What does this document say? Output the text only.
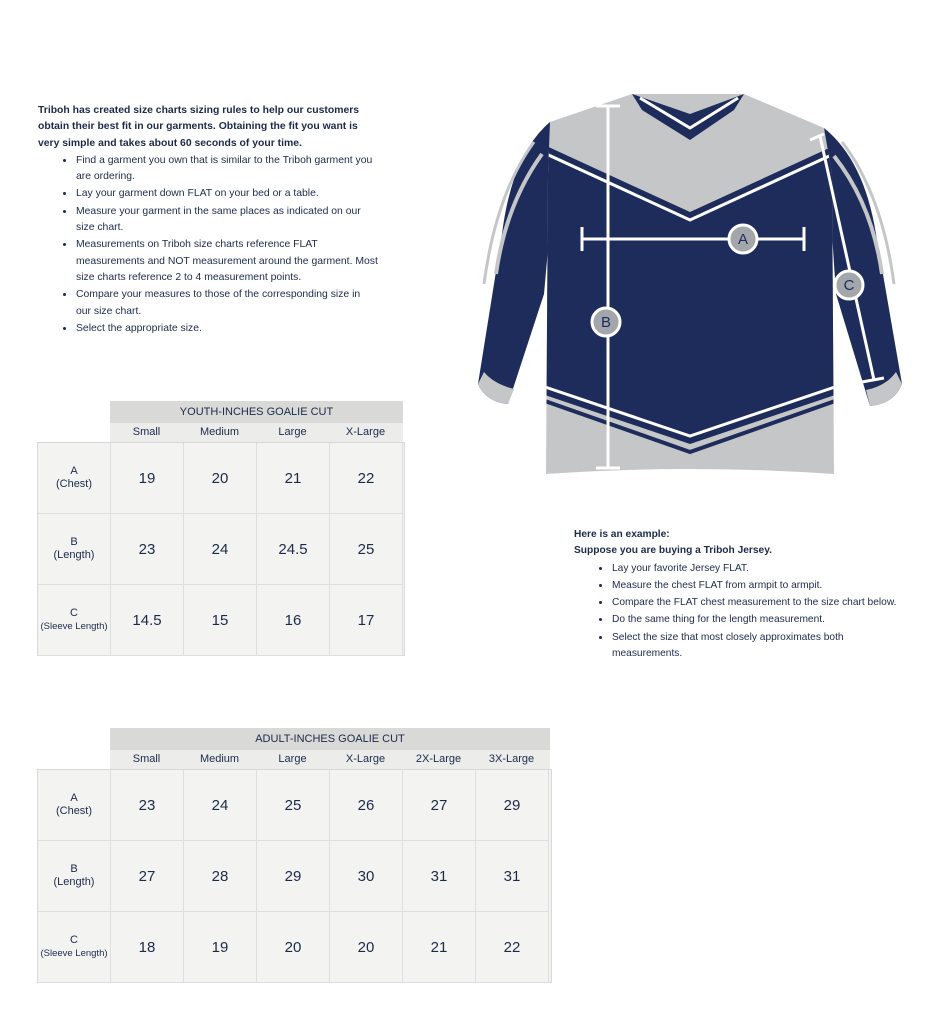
Triboh has created size charts sizing rules to help our customers obtain their best fit in our garments. Obtaining the fit you want is very simple and takes about 60 seconds of your time.

• Find a garment you own that is similar to the Triboh garment you are ordering.
• Lay your garment down FLAT on your bed or a table.
• Measure your garment in the same places as indicated on our size chart.
• Measurements on Triboh size charts reference FLAT measurements and NOT measurement around the garment. Most size charts reference 2 to 4 measurement points.
• Compare your measures to those of the corresponding size in our size chart.
• Select the appropriate size.
A
B
C

Here is an example:

Suppose you are buying a Triboh Jersey.

• Lay your favorite Jersey FLAT.
• Measure the chest FLAT from armpit to armpit.
• Compare the FLAT chest measurement to the size chart below.
• Do the same thing for the length measurement.
• Select the size that most closely approximates both measurements.
YOUTH-INCHES GOALIE CUT
Small	Medium	Large	X-Large
A
(Chest)	19	20	21	22
B
(Length)	23	24	24.5	25
C
(Sleeve Length)	14.5	15	16	17
ADULT-INCHES GOALIE CUT
Small	Medium	Large	X-Large	2X-Large	3X-Large
A
(Chest)	23	24	25	26	27	29
B
(Length)	27	28	29	30	31	31
C
(Sleeve Length)	18	19	20	20	21	22
